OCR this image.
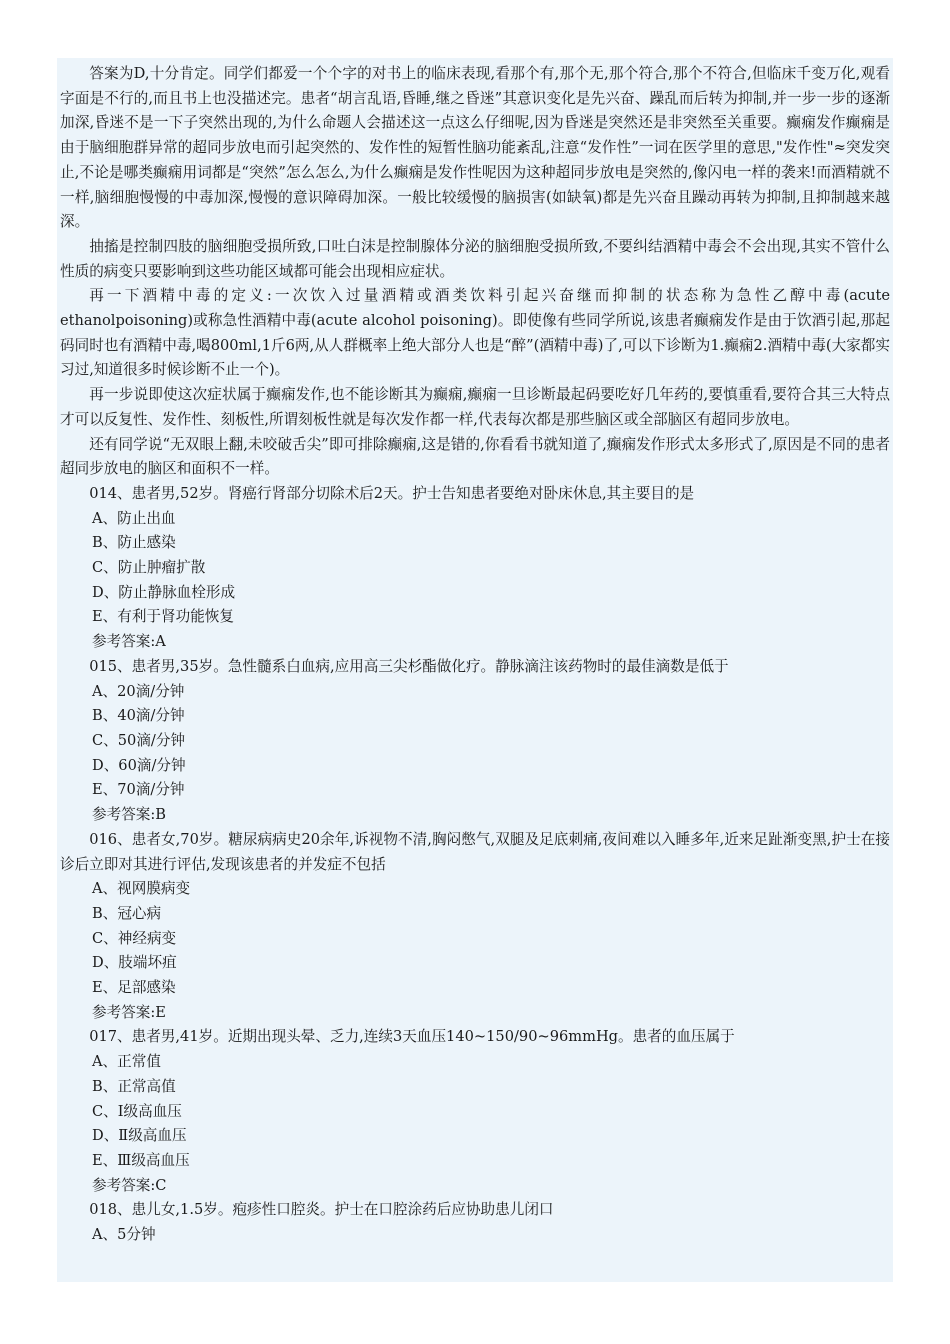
答案为D,十分肯定。同学们都爱一个个字的对书上的临床表现,看那个有,那个无,那个符合,那个不符合,但临床千变万化,观看字面是不行的,而且书上也没描述完。患者“胡言乱语,昏睡,继之昏迷”其意识变化是先兴奋、躁乱而后转为抑制,并一步一步的逐渐加深,昏迷不是一下子突然出现的,为什么命题人会描述这一点这么仔细呢,因为昏迷是突然还是非突然至关重要。癫痫发作癫痫是由于脑细胞群异常的超同步放电而引起突然的、发作性的短暂性脑功能紊乱,注意“发作性”一词在医学里的意思,"发作性"≈突发突止,不论是哪类癫痫用词都是“突然”怎么怎么,为什么癫痫是发作性呢因为这种超同步放电是突然的,像闪电一样的袭来!而酒精就不一样,脑细胞慢慢的中毒加深,慢慢的意识障碍加深。一般比较缓慢的脑损害(如缺氧)都是先兴奋且躁动再转为抑制,且抑制越来越深。

抽搐是控制四肢的脑细胞受损所致,口吐白沫是控制腺体分泌的脑细胞受损所致,不要纠结酒精中毒会不会出现,其实不管什么性质的病变只要影响到这些功能区域都可能会出现相应症状。

再一下酒精中毒的定义:一次饮入过量酒精或酒类饮料引起兴奋继而抑制的状态称为急性乙醇中毒(acute ethanolpoisoning)或称急性酒精中毒(acute alcohol poisoning)。即使像有些同学所说,该患者癫痫发作是由于饮酒引起,那起码同时也有酒精中毒,喝800ml,1斤6两,从人群概率上绝大部分人也是“醉”(酒精中毒)了,可以下诊断为1.癫痫2.酒精中毒(大家都实习过,知道很多时候诊断不止一个)。

再一步说即使这次症状属于癫痫发作,也不能诊断其为癫痫,癫痫一旦诊断最起码要吃好几年药的,要慎重看,要符合其三大特点才可以反复性、发作性、刻板性,所谓刻板性就是每次发作都一样,代表每次都是那些脑区或全部脑区有超同步放电。

还有同学说“无双眼上翻,未咬破舌尖”即可排除癫痫,这是错的,你看看书就知道了,癫痫发作形式太多形式了,原因是不同的患者超同步放电的脑区和面积不一样。

014、患者男,52岁。肾癌行肾部分切除术后2天。护士告知患者要绝对卧床休息,其主要目的是

A、防止出血

B、防止感染

C、防止肿瘤扩散

D、防止静脉血栓形成

E、有利于肾功能恢复

参考答案:A

015、患者男,35岁。急性髓系白血病,应用高三尖杉酯做化疗。静脉滴注该药物时的最佳滴数是低于

A、20滴/分钟

B、40滴/分钟

C、50滴/分钟

D、60滴/分钟

E、70滴/分钟

参考答案:B

016、患者女,70岁。糖尿病病史20余年,诉视物不清,胸闷憋气,双腿及足底刺痛,夜间难以入睡多年,近来足趾渐变黑,护士在接诊后立即对其进行评估,发现该患者的并发症不包括

A、视网膜病变

B、冠心病

C、神经病变

D、肢端坏疽

E、足部感染

参考答案:E

017、患者男,41岁。近期出现头晕、乏力,连续3天血压140~150/90~96mmHg。患者的血压属于

A、正常值

B、正常高值

C、Ⅰ级高血压

D、Ⅱ级高血压

E、Ⅲ级高血压

参考答案:C

018、患儿女,1.5岁。疱疹性口腔炎。护士在口腔涂药后应协助患儿闭口

A、5分钟
